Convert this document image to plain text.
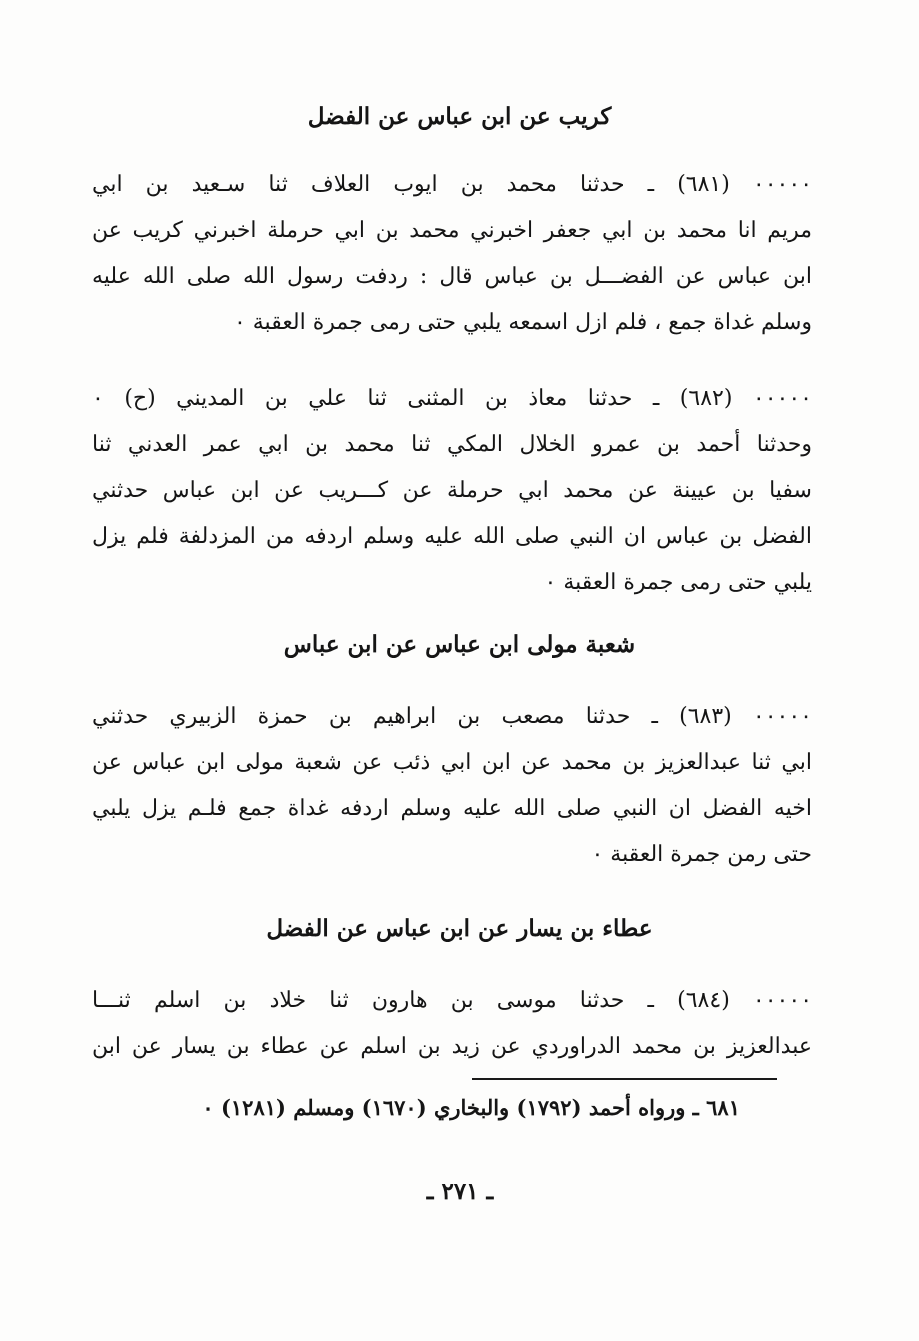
كريب عن ابن عباس عن الفضل
٠٠٠٠٠ (٦٨١) ـ حدثنا محمد بن ايوب العلاف ثنا سـعيد بن ابي
مريم انا محمد بن ابي جعفر اخبرني محمد بن ابي حرملة اخبرني كريب عن
ابن عباس عن الفضـــل بن عباس قال : ردفت رسول الله صلى الله عليه
وسلم غداة جمع ، فلم ازل اسمعه يلبي حتى رمى جمرة العقبة ٠
٠٠٠٠٠ (٦٨٢) ـ حدثنا معاذ بن المثنى ثنا علي بن المديني (ح) ٠
وحدثنا أحمد بن عمرو الخلال المكي ثنا محمد بن ابي عمر العدني ثنا
سفيا بن عيينة عن محمد ابي حرملة عن كـــريب عن ابن عباس حدثني
الفضل بن عباس ان النبي صلى الله عليه وسلم اردفه من المزدلفة فلم يزل
يلبي حتى رمى جمرة العقبة ٠
شعبة مولى ابن عباس عن ابن عباس
٠٠٠٠٠ (٦٨٣) ـ حدثنا مصعب بن ابراهيم بن حمزة الزبيري حدثني
ابي ثنا عبدالعزيز بن محمد عن ابن ابي ذئب عن شعبة مولى ابن عباس عن
اخيه الفضل ان النبي صلى الله عليه وسلم اردفه غداة جمع فلـم يزل يلبي
حتى رمن جمرة العقبة ٠
عطاء بن يسار عن ابن عباس عن الفضل
٠٠٠٠٠ (٦٨٤) ـ حدثنا موسى بن هارون ثنا خلاد بن اسلم ثنـــا
عبدالعزيز بن محمد الدراوردي عن زيد بن اسلم عن عطاء بن يسار عن ابن
٦٨١ ـ ورواه أحمد (١٧٩٢) والبخاري (١٦٧٠) ومسلم (١٢٨١) ٠
ـ ٢٧١ ـ
